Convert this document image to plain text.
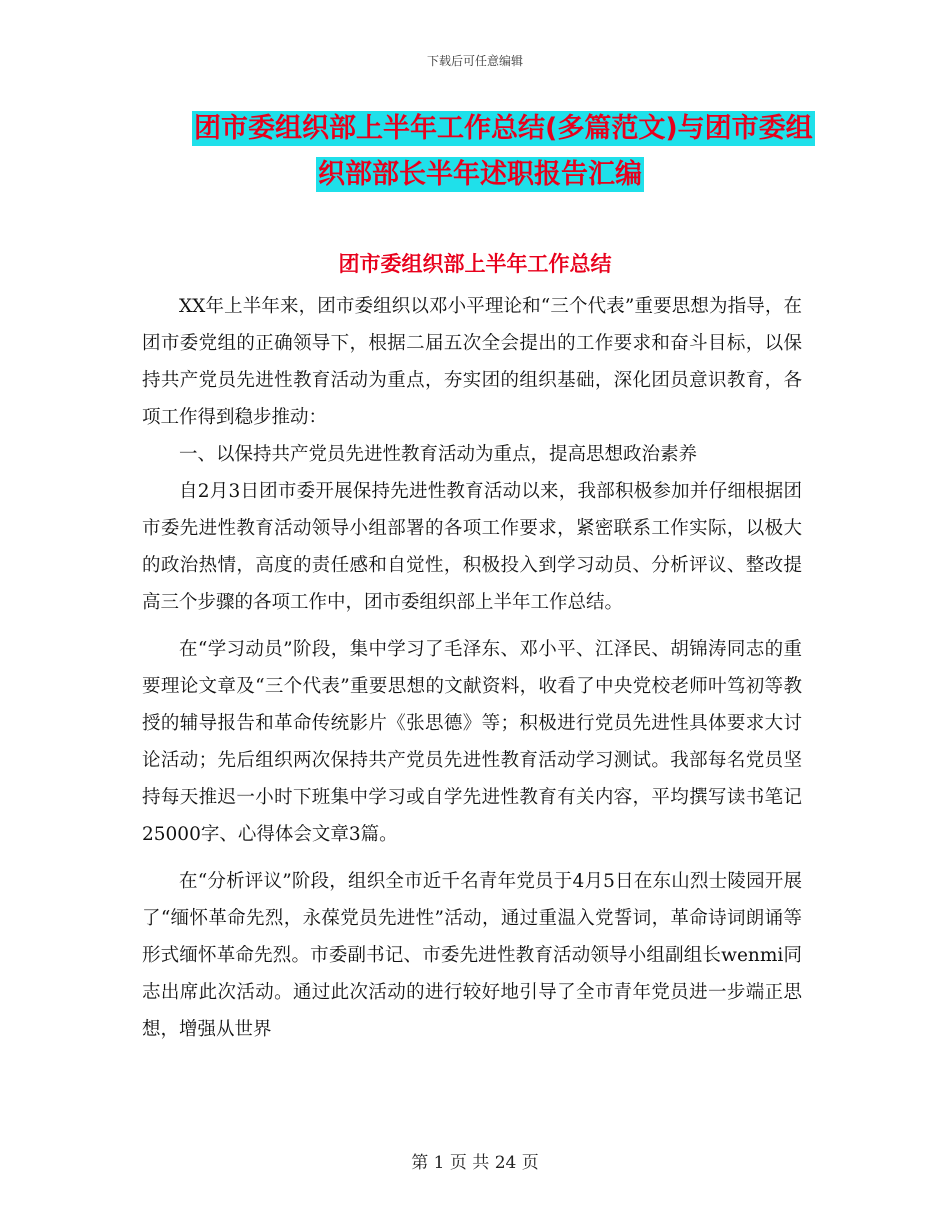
下载后可任意编辑
团市委组织部上半年工作总结(多篇范文)与团市委组
织部部长半年述职报告汇编
团市委组织部上半年工作总结

XX年上半年来，团市委组织以邓小平理论和“三个代表”重要思想为指导，在团市委党组的正确领导下，根据二届五次全会提出的工作要求和奋斗目标，以保持共产党员先进性教育活动为重点，夯实团的组织基础，深化团员意识教育，各项工作得到稳步推动：

一、以保持共产党员先进性教育活动为重点，提高思想政治素养

自2月3日团市委开展保持先进性教育活动以来，我部积极参加并仔细根据团市委先进性教育活动领导小组部署的各项工作要求，紧密联系工作实际，以极大的政治热情，高度的责任感和自觉性，积极投入到学习动员、分析评议、整改提高三个步骤的各项工作中，团市委组织部上半年工作总结。

在“学习动员”阶段，集中学习了毛泽东、邓小平、江泽民、胡锦涛同志的重要理论文章及“三个代表”重要思想的文献资料，收看了中央党校老师叶笃初等教授的辅导报告和革命传统影片《张思德》等；积极进行党员先进性具体要求大讨论活动；先后组织两次保持共产党员先进性教育活动学习测试。我部每名党员坚持每天推迟一小时下班集中学习或自学先进性教育有关内容，平均撰写读书笔记25000字、心得体会文章3篇。

在“分析评议”阶段，组织全市近千名青年党员于4月5日在东山烈士陵园开展了“缅怀革命先烈，永葆党员先进性”活动，通过重温入党誓词，革命诗词朗诵等形式缅怀革命先烈。市委副书记、市委先进性教育活动领导小组副组长wenmi同志出席此次活动。通过此次活动的进行较好地引导了全市青年党员进一步端正思想，增强从世界

第 1 页 共 24 页
